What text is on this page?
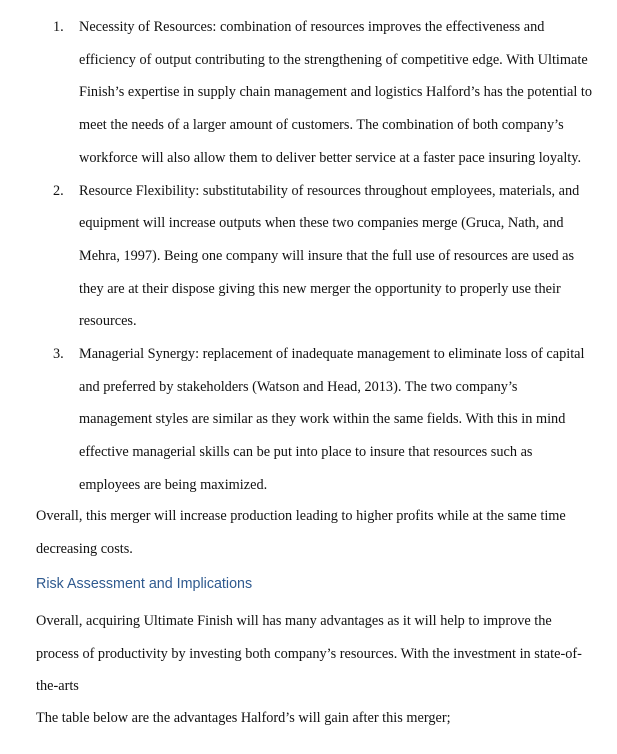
1.	Necessity of Resources: combination of resources improves the effectiveness and
efficiency of output contributing to the strengthening of competitive edge. With Ultimate
Finish’s expertise in supply chain management and logistics Halford’s has the potential to
meet the needs of a larger amount of customers. The combination of both company’s
workforce will also allow them to deliver better service at a faster pace insuring loyalty.
2.	Resource Flexibility: substitutability of resources throughout employees, materials, and
equipment will increase outputs when these two companies merge (Gruca, Nath, and
Mehra, 1997). Being one company will insure that the full use of resources are used as
they are at their dispose giving this new merger the opportunity to properly use their
resources.
3.	Managerial Synergy: replacement of inadequate management to eliminate loss of capital
and preferred by stakeholders (Watson and Head, 2013). The two company’s
management styles are similar as they work within the same fields. With this in mind
effective managerial skills can be put into place to insure that resources such as
employees are being maximized.
Overall, this merger will increase production leading to higher profits while at the same time
decreasing costs.
Risk Assessment and Implications
Overall, acquiring Ultimate Finish will has many advantages as it will help to improve the
process of productivity by investing both company’s resources. With the investment in state-of-
the-arts
The table below are the advantages Halford’s will gain after this merger;
